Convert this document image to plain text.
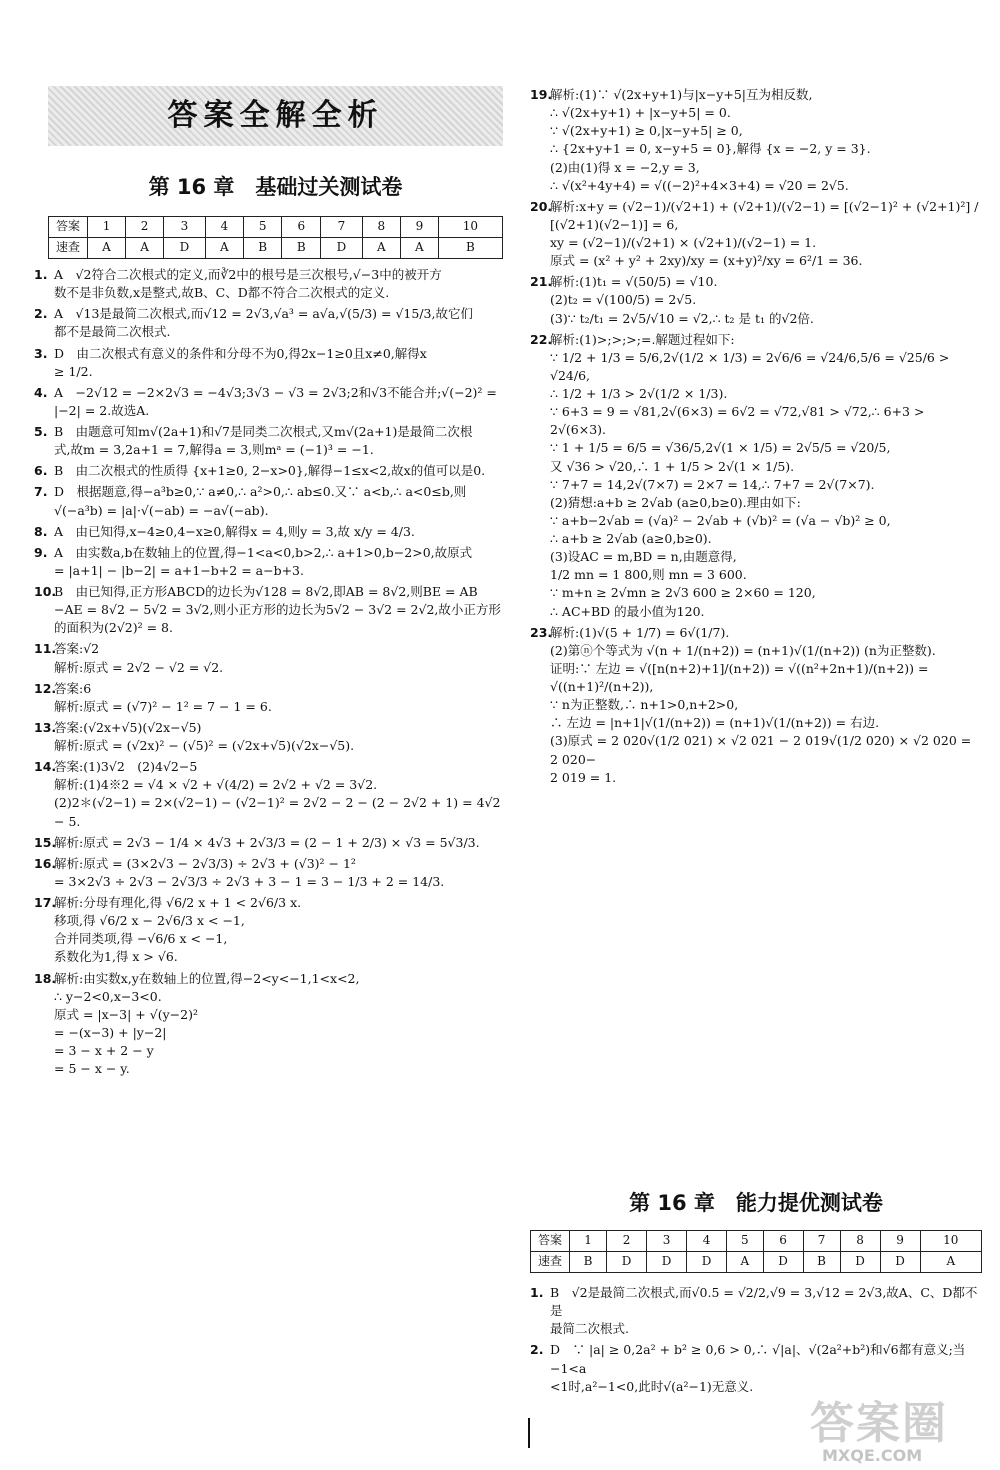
答案全解全析
第 16 章　基础过关测试卷
答案	1	2	3	4	5	6	7	8	9	10
速查	A	A	D	A	B	B	D	A	A	B
1. A　√2符合二次根式的定义,而∛2中的根号是三次根号,√−3中的被开方
数不是非负数,x是整式,故B、C、D都不符合二次根式的定义.
2. A　√13是最简二次根式,而√12 = 2√3,√a³ = a√a,√(5/3) = √15/3,故它们
都不是最简二次根式.
3. D　由二次根式有意义的条件和分母不为0,得2x−1≥0且x≠0,解得x
≥ 1/2.
4. A　−2√12 = −2×2√3 = −4√3;3√3 − √3 = 2√3;2和√3不能合并;√(−2)² =
|−2| = 2.故选A.
5. B　由题意可知m√(2a+1)和√7是同类二次根式,又m√(2a+1)是最简二次根
式,故m = 3,2a+1 = 7,解得a = 3,则mᵃ = (−1)³ = −1.
6. B　由二次根式的性质得 {x+1≥0, 2−x>0},解得−1≤x<2,故x的值可以是0.
7. D　根据题意,得−a³b≥0,∵ a≠0,∴ a²>0,∴ ab≤0.又∵ a<b,∴ a<0≤b,则
√(−a³b) = |a|·√(−ab) = −a√(−ab).
8. A　由已知得,x−4≥0,4−x≥0,解得x = 4,则y = 3,故 x/y = 4/3.
9. A　由实数a,b在数轴上的位置,得−1<a<0,b>2,∴ a+1>0,b−2>0,故原式
= |a+1| − |b−2| = a+1−b+2 = a−b+3.
10.
B　由已知得,正方形ABCD的边长为√128 = 8√2,即AB = 8√2,则BE = AB
−AE = 8√2 − 5√2 = 3√2,则小正方形的边长为5√2 − 3√2 = 2√2,故小正方形
的面积为(2√2)² = 8.
11.
答案:√2
解析:原式 = 2√2 − √2 = √2.
12.
答案:6
解析:原式 = (√7)² − 1² = 7 − 1 = 6.
13.
答案:(√2x+√5)(√2x−√5)
解析:原式 = (√2x)² − (√5)² = (√2x+√5)(√2x−√5).
14.
答案:(1)3√2　(2)4√2−5
解析:(1)4※2 = √4 × √2 + √(4/2) = 2√2 + √2 = 3√2.
(2)2＊(√2−1) = 2×(√2−1) − (√2−1)² = 2√2 − 2 − (2 − 2√2 + 1) = 4√2 − 5.
15.
解析:原式 = 2√3 − 1/4 × 4√3 + 2√3/3 = (2 − 1 + 2/3) × √3 = 5√3/3.
16.
解析:原式 = (3×2√3 − 2√3/3) ÷ 2√3 + (√3)² − 1²
= 3×2√3 ÷ 2√3 − 2√3/3 ÷ 2√3 + 3 − 1 = 3 − 1/3 + 2 = 14/3.
17.
解析:分母有理化,得 √6/2 x + 1 < 2√6/3 x.
移项,得 √6/2 x − 2√6/3 x < −1,
合并同类项,得 −√6/6 x < −1,
系数化为1,得 x > √6.
18.
解析:由实数x,y在数轴上的位置,得−2<y<−1,1<x<2,
∴ y−2<0,x−3<0.
原式 = |x−3| + √(y−2)²
= −(x−3) + |y−2|
= 3 − x + 2 − y
= 5 − x − y.
19.
解析:(1)∵ √(2x+y+1)与|x−y+5|互为相反数,
∴ √(2x+y+1) + |x−y+5| = 0.
∵ √(2x+y+1) ≥ 0,|x−y+5| ≥ 0,
∴ {2x+y+1 = 0, x−y+5 = 0},解得 {x = −2, y = 3}.
(2)由(1)得 x = −2,y = 3,
∴ √(x²+4y+4) = √((−2)²+4×3+4) = √20 = 2√5.
20.
解析:x+y = (√2−1)/(√2+1) + (√2+1)/(√2−1) = [(√2−1)² + (√2+1)²] / [(√2+1)(√2−1)] = 6,
xy = (√2−1)/(√2+1) × (√2+1)/(√2−1) = 1.
原式 = (x² + y² + 2xy)/xy = (x+y)²/xy = 6²/1 = 36.
21.
解析:(1)t₁ = √(50/5) = √10.
(2)t₂ = √(100/5) = 2√5.
(3)∵ t₂/t₁ = 2√5/√10 = √2,∴ t₂ 是 t₁ 的√2倍.
22.
解析:(1)>;>;>;=.解题过程如下:
∵ 1/2 + 1/3 = 5/6,2√(1/2 × 1/3) = 2√6/6 = √24/6,5/6 = √25/6 > √24/6,
∴ 1/2 + 1/3 > 2√(1/2 × 1/3).
∵ 6+3 = 9 = √81,2√(6×3) = 6√2 = √72,√81 > √72,∴ 6+3 > 2√(6×3).
∵ 1 + 1/5 = 6/5 = √36/5,2√(1 × 1/5) = 2√5/5 = √20/5,
又 √36 > √20,∴ 1 + 1/5 > 2√(1 × 1/5).
∵ 7+7 = 14,2√(7×7) = 2×7 = 14,∴ 7+7 = 2√(7×7).
(2)猜想:a+b ≥ 2√ab (a≥0,b≥0).理由如下:
∵ a+b−2√ab = (√a)² − 2√ab + (√b)² = (√a − √b)² ≥ 0,
∴ a+b ≥ 2√ab (a≥0,b≥0).
(3)设AC = m,BD = n,由题意得,
1/2 mn = 1 800,则 mn = 3 600.
∵ m+n ≥ 2√mn ≥ 2√3 600 ≥ 2×60 = 120,
∴ AC+BD 的最小值为120.
23.
解析:(1)√(5 + 1/7) = 6√(1/7).
(2)第ⓝ个等式为 √(n + 1/(n+2)) = (n+1)√(1/(n+2)) (n为正整数).
证明:∵ 左边 = √([n(n+2)+1]/(n+2)) = √((n²+2n+1)/(n+2)) = √((n+1)²/(n+2)),
∵ n为正整数,∴ n+1>0,n+2>0,
∴ 左边 = |n+1|√(1/(n+2)) = (n+1)√(1/(n+2)) = 右边.
(3)原式 = 2 020√(1/2 021) × √2 021 − 2 019√(1/2 020) × √2 020 = 2 020−
2 019 = 1.
第 16 章　能力提优测试卷
答案	1	2	3	4	5	6	7	8	9	10
速查	B	D	D	D	A	D	B	D	D	A
1. B　√2是最简二次根式,而√0.5 = √2/2,√9 = 3,√12 = 2√3,故A、C、D都不是
最简二次根式.
2. D　∵ |a| ≥ 0,2a² + b² ≥ 0,6 > 0,∴ √|a|、√(2a²+b²)和√6都有意义;当−1<a
<1时,a²−1<0,此时√(a²−1)无意义.
答案圈
MXQE.COM
